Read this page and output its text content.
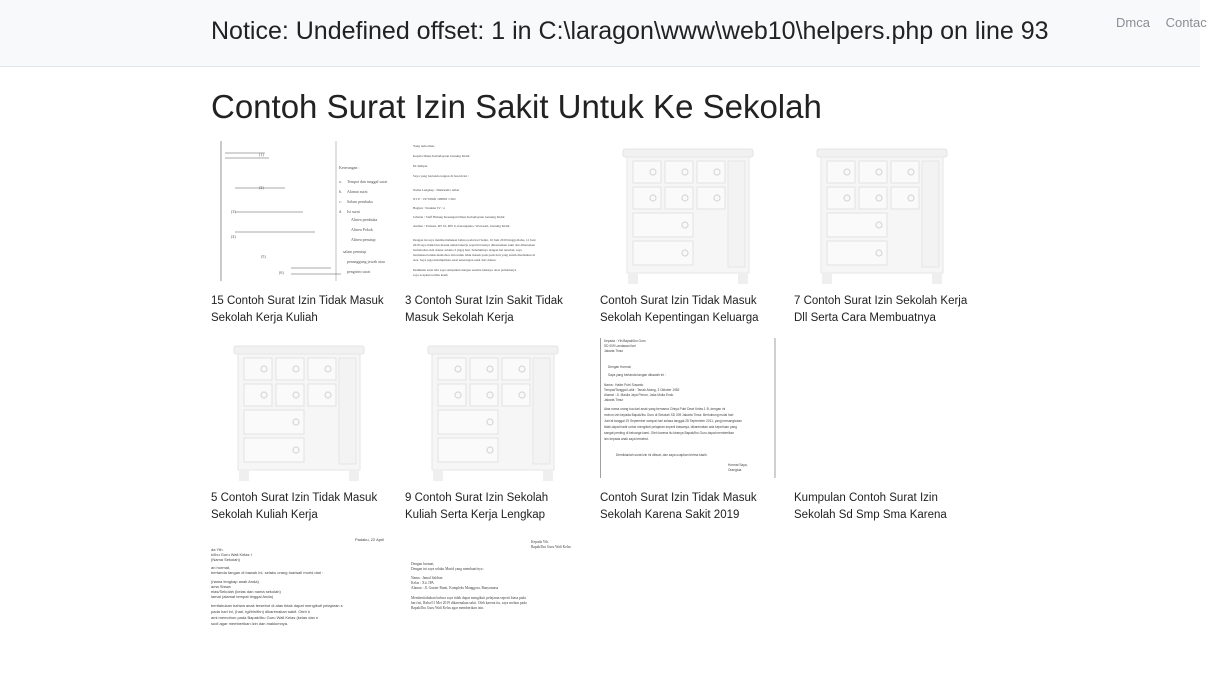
Notice: Undefined offset: 1 in C:\laragon\www\web10\helpers.php on line 93	Dmca Contac
Contoh Surat Izin Sakit Untuk Ke Sekolah
(1)
(2)
(3)
(4)
(5)
(6)
Keterangan :
a. Tempat dan tanggal surat
b. Alamat surat
c. Salam pembuka
d. Isi surat
Alinea pembuka
Alinea Pokok
Alinea penutup
salam penutup
penanggung jawab atau
pengirim surat
15 Contoh Surat Izin Tidak Masuk Sekolah Kerja Kuliah
Yang terhormat,
Kepala Dinas Kebudayaan Gunung Kidul
Di Tempat
Saya yang bertanda tangan di bawah ini :
Nama Lengkap : Damarullo Albar
N I P : 19710820 199803 1 002
Bagian : Struktur IV / a
Jabatan : Staff Bidang Keuangan Dinas Kebudayaan Gunung Kidul
Alamat : Talasari, RT 01, RW 6, Karangsuko, Wonosari, Gunung Kidul
Dengan ini saya memberitahukan bahwa pada hari Senin, 10 Juni 2019 hingga Rabu, 12 Juni
2019 saya tidak bisa masuk untuk bekerja seperti biasanya dikarenakan sakit dan diharuskan
beristirahat oleh dokter selama 3 (tiga) hari. Sebelumnya dengan hal tersebut, saya
bermaksud untuk memohon izin untuk tidak masuk pada pada hari yang sudah disebutkan di
atas. Saya juga melampirkan surat keterangan sakit dari dokter.
Demikian surat izin saya sampaikan dengan sesama baiknya. Atas perhatianya
saya ucapkan terima kasih
3 Contoh Surat Izin Sakit Tidak Masuk Sekolah Kerja
Contoh Surat Izin Tidak Masuk Sekolah Kepentingan Keluarga
7 Contoh Surat Izin Sekolah Kerja Dll Serta Cara Membuatnya
5 Contoh Surat Izin Tidak Masuk Sekolah Kuliah Kerja
9 Contoh Surat Izin Sekolah Kuliah Serta Kerja Lengkap
Kepada : Yth.Bapak/Ibu Guru
SD 009 Landasan Ilari
Jakarta Timur
Dengan Hormat,
Saya yang bertanda tangan dibawah ini :
Nama : Halim Putri Susanto
Tempat/Tanggal Lahir : Tanah Abang, 3 Oktober 1982
Alamat : Jl. Maulia Jaya Perum, Jaka Mulia Endo
Jakarta Timur
Atas nama orang tua dari anak yang bernama Cintya Putri Dewi Kelas 1 B, dengan ini
mohon izin kepada Bapak/Ibu Guru di Sekolah SD 009 Jakarta Timur. Berhubung mulai hari
Jum'at tanggal 19 September sampai hari selasa tanggal 28 September 2011, yang bersangkutan
tidak dapat hadir untuk mengikuti pelajaran seperti biasanya, dikarenakan ada keperluan yang
sangat penting di keluarga kami. Oleh karena itu kiranya Bapak/Ibu Guru dapat memberikan
izin kepada anak saya tersebut.
Demikianlah surat izin ini dibuat, dan saya ucapkan terima kasih.
Hormat Saya,
Orangtua
Contoh Surat Izin Tidak Masuk Sekolah Karena Sakit 2019
Kumpulan Contoh Surat Izin Sekolah Sd Smp Sma Karena
Padaku, 22 April
da Yth.
k/Ibu Guru Wali Kelas I
(Nama Sekolah)
an hormat,
bertanda tangan di bawah ini, selaku orang tua/wali murid dari :
(nama lengkap anak Anda)
ama Siswa
elas/Sekolah (kelas dan nama sekolah)
lamat (alamat tempat tinggal Anda)
beritahukan bahwa anak tersebut di atas tidak dapat mengikuti pelajaran s
pada hari ini, (hari, tgl/bln/thn) dikarenakan sakit. Oleh k
ami memohon pada Bapak/Ibu Guru Wali Kelas (kelas dan n
sudi agar memberikan izin dan maklumnya.
Kepada Yth.
Bapak/Ibu Guru Wali Kelas
Dengan hormat,
Dengan ini saya selaku Murid yang membuat/nya :
Nama : Jamal Saldian
Kelas : Xii. IPA
Alamat : Jl. Gunter Bunti, Kompleks Manggora, Banyumasa
Memberitahukan bahwa saya tidak dapat mengikuti pelajaran seperti biasa pada
hari ini, Rabu 01 Mei 2019 dikarenakan sakit. Oleh karena itu, saya mohon pada
Bapak/Ibu Guru Wali Kelas agar memberikan izin.
